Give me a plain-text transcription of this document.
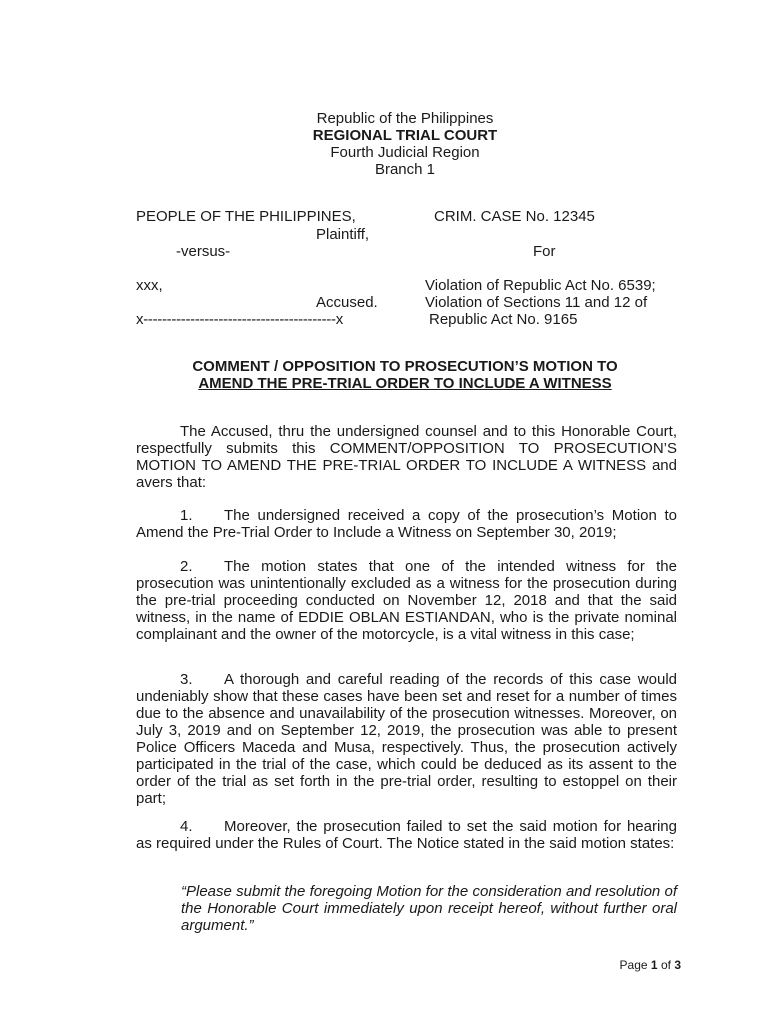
Republic of the Philippines
REGIONAL TRIAL COURT
Fourth Judicial Region
Branch 1
PEOPLE OF THE PHILIPPINES,
Plaintiff,
-versus-
xxx,
Accused.
x-----------------------------------------x
CRIM. CASE No. 12345
For
Violation of Republic Act No. 6539;
Violation of Sections 11 and 12 of
Republic Act No. 9165
COMMENT / OPPOSITION TO PROSECUTION’S MOTION TO
AMEND THE PRE-TRIAL ORDER TO INCLUDE A WITNESS

The Accused, thru the undersigned counsel and to this Honorable Court, respectfully submits this COMMENT/OPPOSITION TO PROSECUTION’S MOTION TO AMEND THE PRE-TRIAL ORDER TO INCLUDE A WITNESS and avers that:

1. The undersigned received a copy of the prosecution’s Motion to Amend the Pre-Trial Order to Include a Witness on September 30, 2019;

2. The motion states that one of the intended witness for the prosecution was unintentionally excluded as a witness for the prosecution during the pre-trial proceeding conducted on November 12, 2018 and that the said witness, in the name of EDDIE OBLAN ESTIANDAN, who is the private nominal complainant and the owner of the motorcycle, is a vital witness in this case;

3. A thorough and careful reading of the records of this case would undeniably show that these cases have been set and reset for a number of times due to the absence and unavailability of the prosecution witnesses. Moreover, on July 3, 2019 and on September 12, 2019, the prosecution was able to present Police Officers Maceda and Musa, respectively. Thus, the prosecution actively participated in the trial of the case, which could be deduced as its assent to the order of the trial as set forth in the pre-trial order, resulting to estoppel on their part;

4. Moreover, the prosecution failed to set the said motion for hearing as required under the Rules of Court. The Notice stated in the said motion states:

“Please submit the foregoing Motion for the consideration and resolution of the Honorable Court immediately upon receipt hereof, without further oral argument.”
Page 1 of 3
